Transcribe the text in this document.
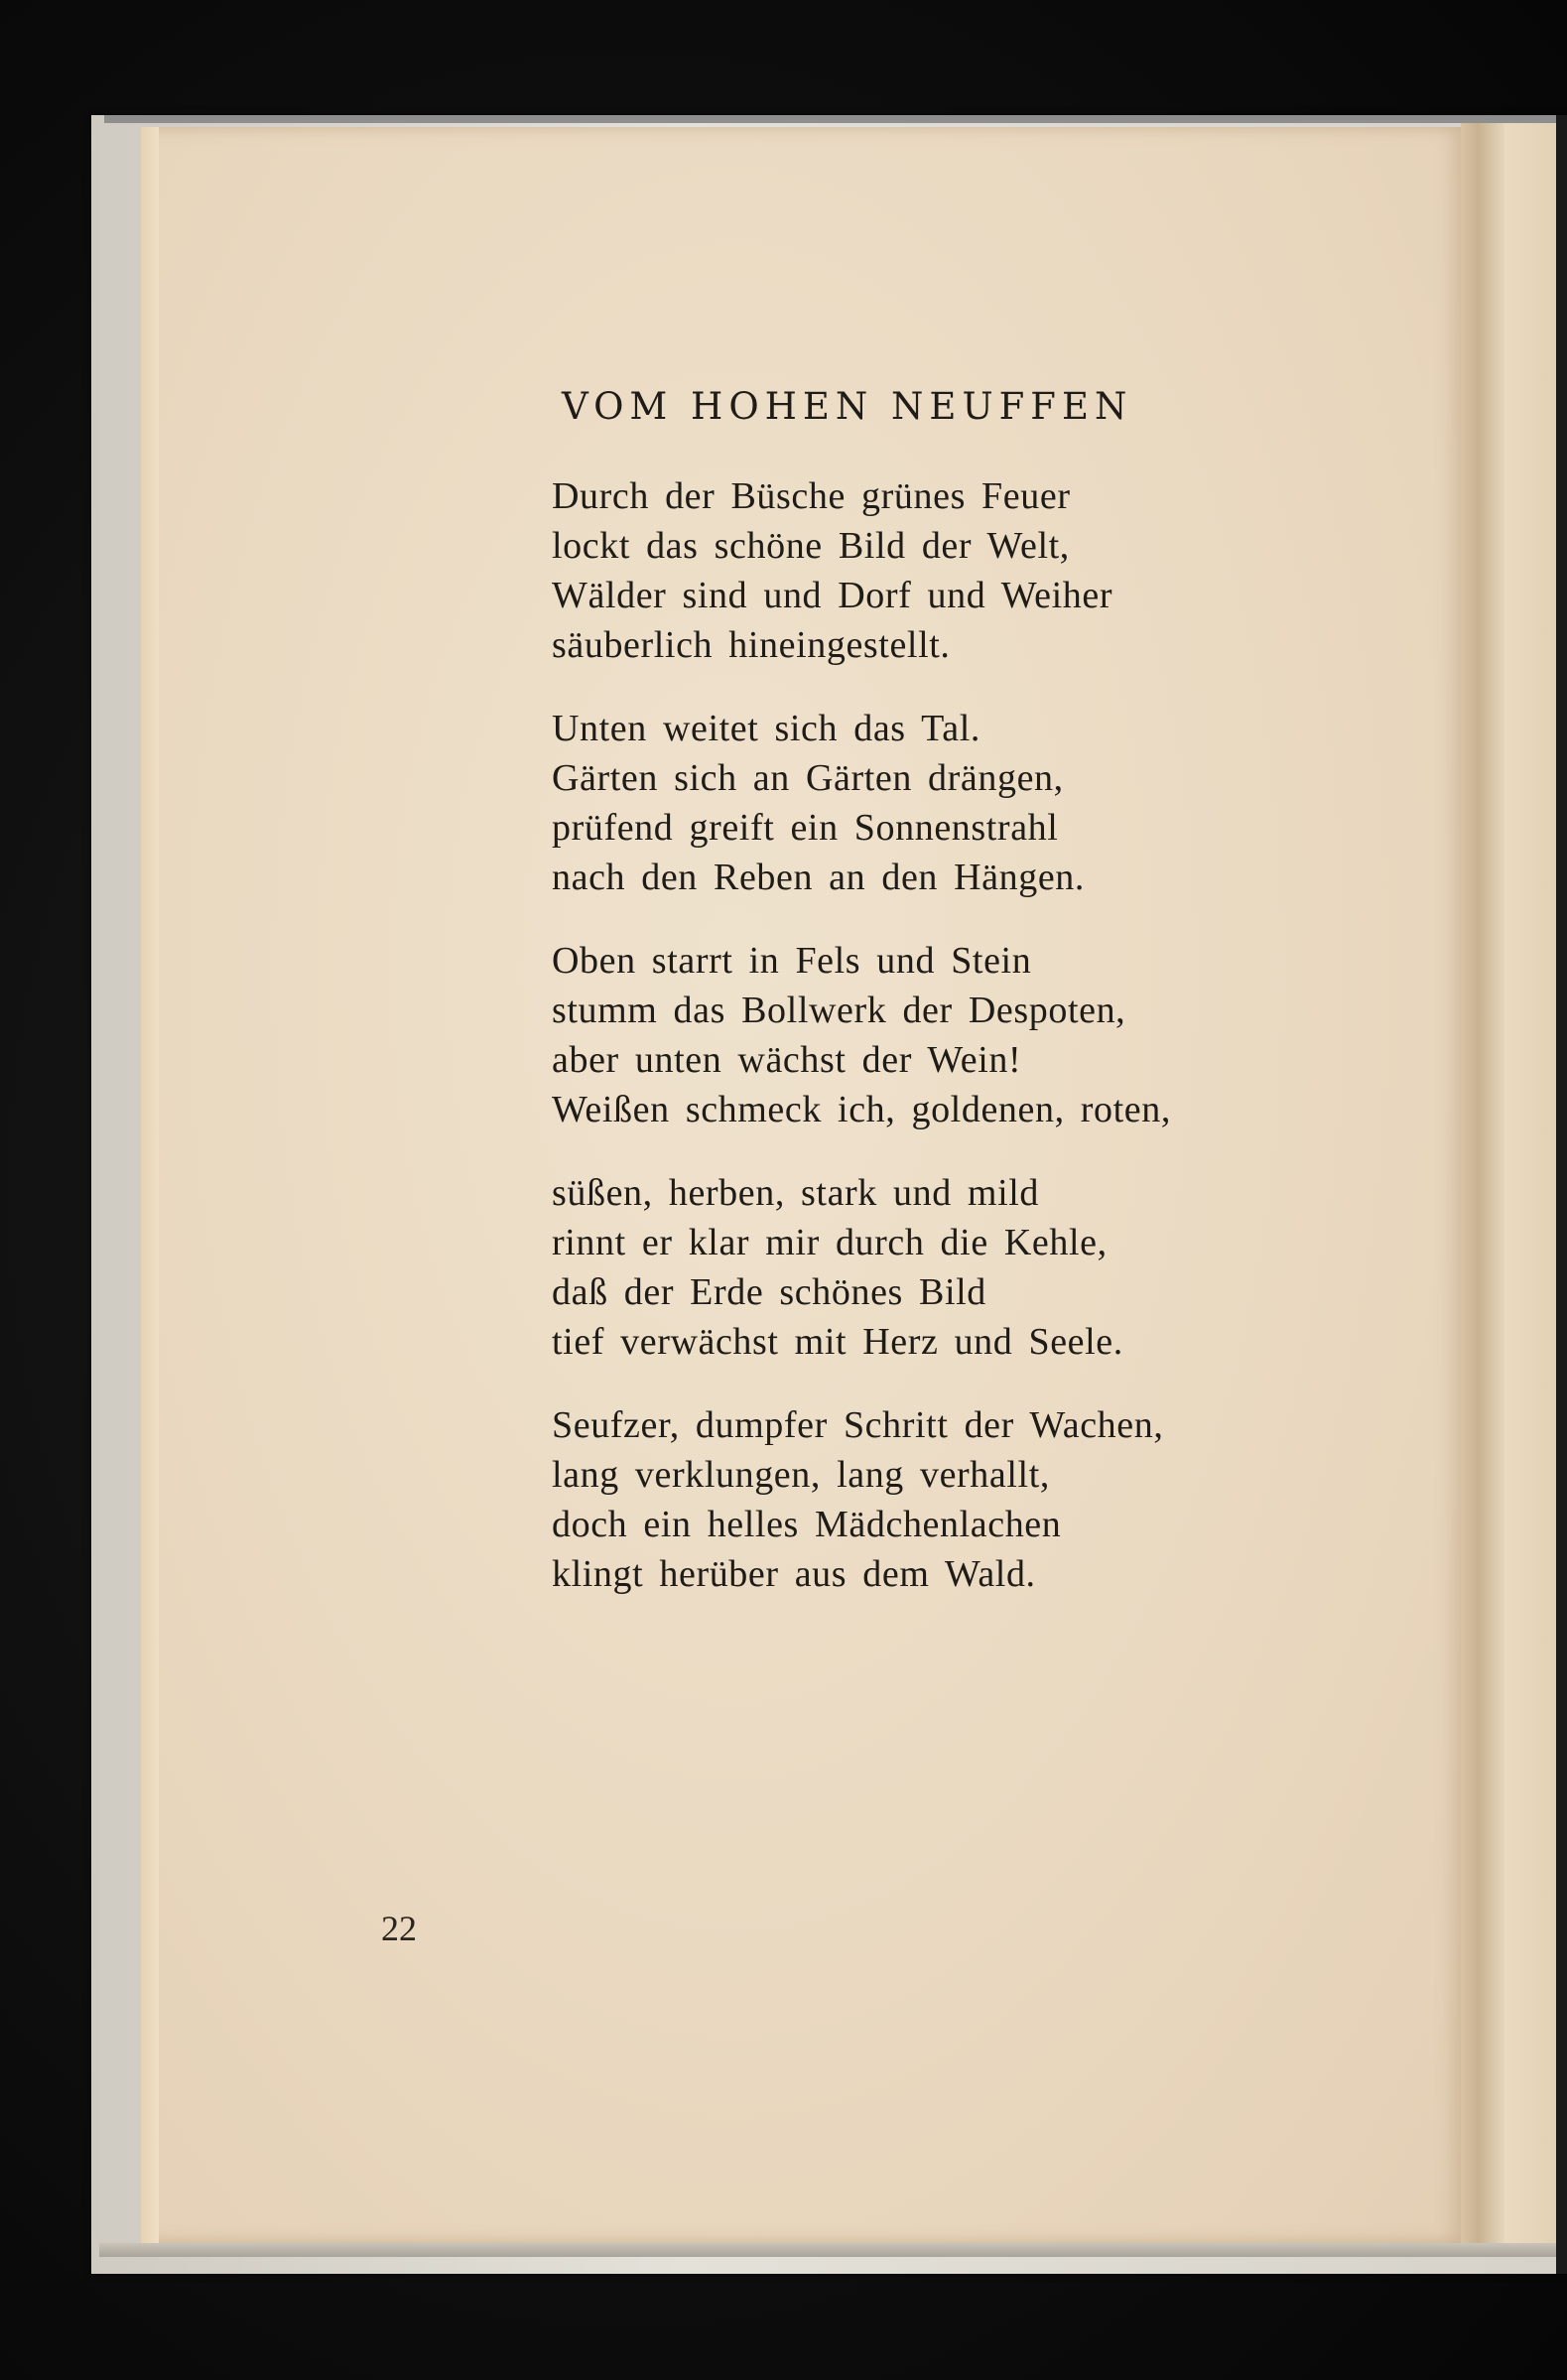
VOM HOHEN NEUFFEN
Durch der Büsche grünes Feuer
lockt das schöne Bild der Welt,
Wälder sind und Dorf und Weiher
säuberlich hineingestellt.
Unten weitet sich das Tal.
Gärten sich an Gärten drängen,
prüfend greift ein Sonnenstrahl
nach den Reben an den Hängen.
Oben starrt in Fels und Stein
stumm das Bollwerk der Despoten,
aber unten wächst der Wein!
Weißen schmeck ich, goldenen, roten,
süßen, herben, stark und mild
rinnt er klar mir durch die Kehle,
daß der Erde schönes Bild
tief verwächst mit Herz und Seele.
Seufzer, dumpfer Schritt der Wachen,
lang verklungen, lang verhallt,
doch ein helles Mädchenlachen
klingt herüber aus dem Wald.
22
